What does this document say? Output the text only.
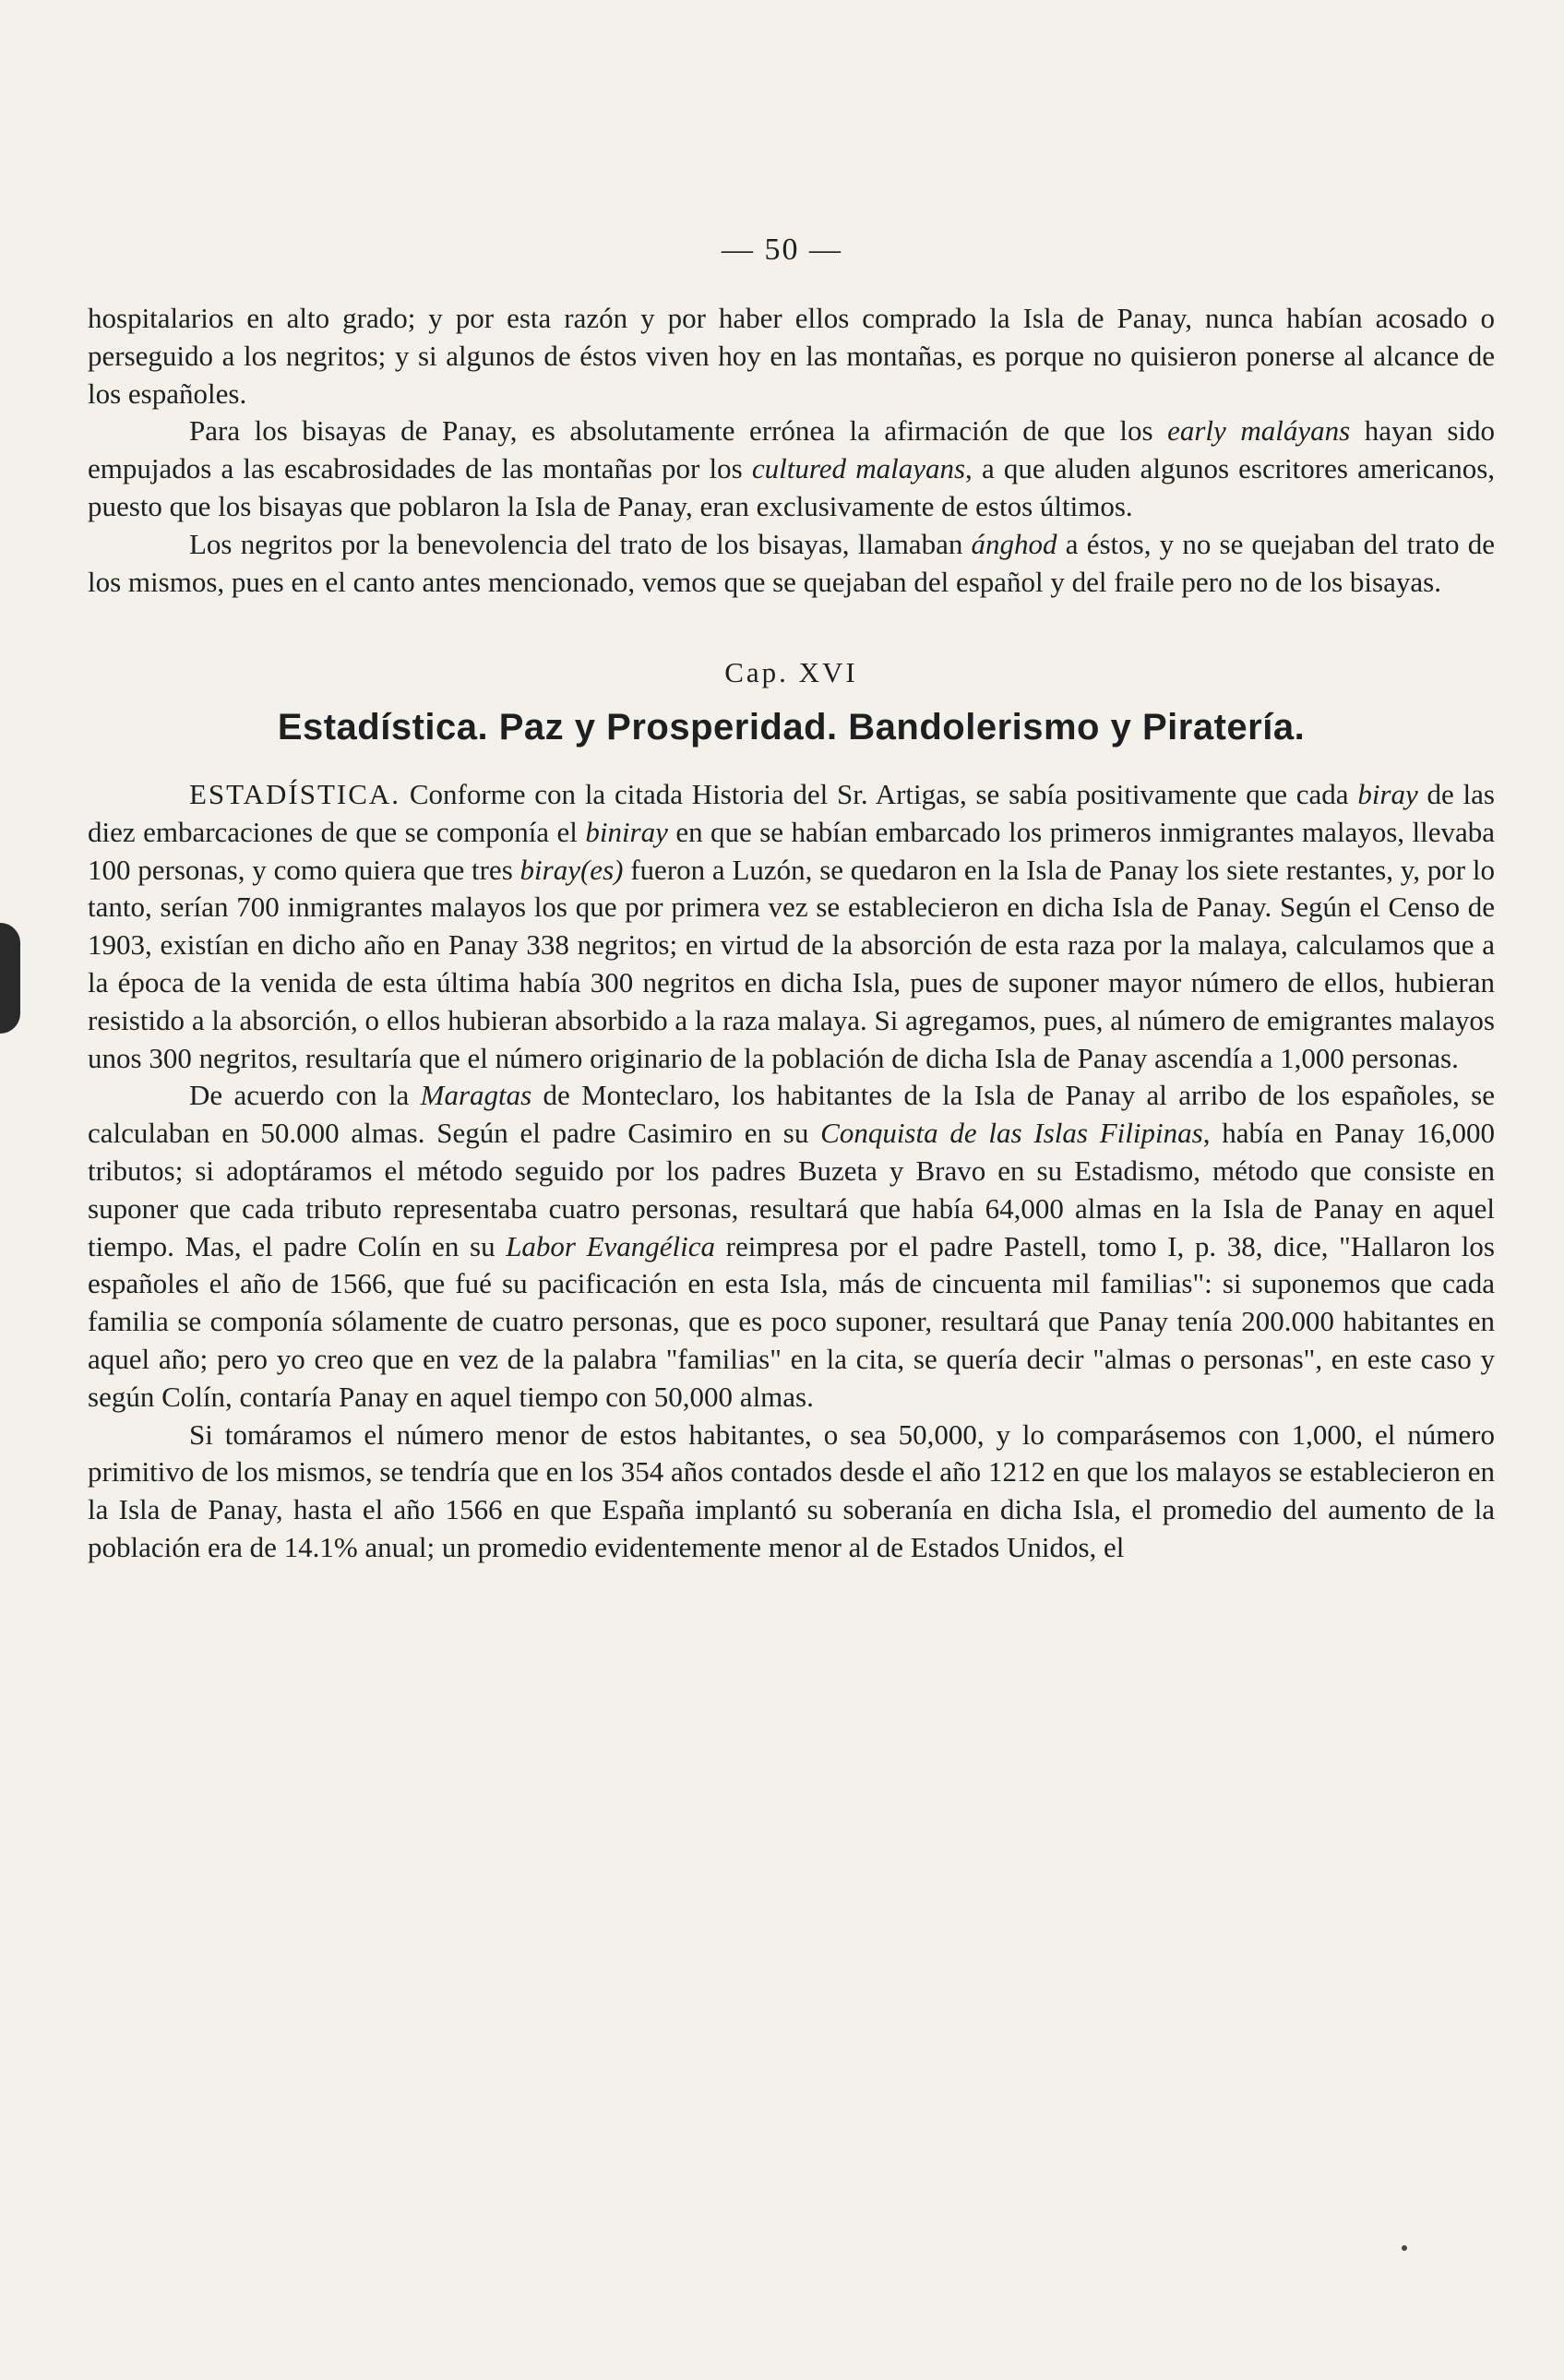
— 50 —

hospitalarios en alto grado; y por esta razón y por haber ellos comprado la Isla de Panay, nunca habían acosado o perseguido a los negritos; y si algunos de éstos viven hoy en las montañas, es porque no quisieron ponerse al alcance de los españoles.

Para los bisayas de Panay, es absolutamente errónea la afirmación de que los early maláyans hayan sido empujados a las escabrosidades de las montañas por los cultured malayans, a que aluden algunos escritores americanos, puesto que los bisayas que poblaron la Isla de Panay, eran exclusivamente de estos últimos.

Los negritos por la benevolencia del trato de los bisayas, llamaban ánghod a éstos, y no se quejaban del trato de los mismos, pues en el canto antes mencionado, vemos que se quejaban del español y del fraile pero no de los bisayas.

Cap. XVI
Estadística. Paz y Prosperidad. Bandolerismo y Piratería.

ESTADÍSTICA. Conforme con la citada Historia del Sr. Artigas, se sabía positivamente que cada biray de las diez embarcaciones de que se componía el biniray en que se habían embarcado los primeros inmigrantes malayos, llevaba 100 personas, y como quiera que tres biray(es) fueron a Luzón, se quedaron en la Isla de Panay los siete restantes, y, por lo tanto, serían 700 inmigrantes malayos los que por primera vez se establecieron en dicha Isla de Panay. Según el Censo de 1903, existían en dicho año en Panay 338 negritos; en virtud de la absorción de esta raza por la malaya, calculamos que a la época de la venida de esta última había 300 negritos en dicha Isla, pues de suponer mayor número de ellos, hubieran resistido a la absorción, o ellos hubieran absorbido a la raza malaya. Si agregamos, pues, al número de emigrantes malayos unos 300 negritos, resultaría que el número originario de la población de dicha Isla de Panay ascendía a 1,000 personas.

De acuerdo con la Maragtas de Monteclaro, los habitantes de la Isla de Panay al arribo de los españoles, se calculaban en 50.000 almas. Según el padre Casimiro en su Conquista de las Islas Filipinas, había en Panay 16,000 tributos; si adoptáramos el método seguido por los padres Buzeta y Bravo en su Estadismo, método que consiste en suponer que cada tributo representaba cuatro personas, resultará que había 64,000 almas en la Isla de Panay en aquel tiempo. Mas, el padre Colín en su Labor Evangélica reimpresa por el padre Pastell, tomo I, p. 38, dice, "Hallaron los españoles el año de 1566, que fué su pacificación en esta Isla, más de cincuenta mil familias": si suponemos que cada familia se componía sólamente de cuatro personas, que es poco suponer, resultará que Panay tenía 200.000 habitantes en aquel año; pero yo creo que en vez de la palabra "familias" en la cita, se quería decir "almas o personas", en este caso y según Colín, contaría Panay en aquel tiempo con 50,000 almas.

Si tomáramos el número menor de estos habitantes, o sea 50,000, y lo comparásemos con 1,000, el número primitivo de los mismos, se tendría que en los 354 años contados desde el año 1212 en que los malayos se establecieron en la Isla de Panay, hasta el año 1566 en que España implantó su soberanía en dicha Isla, el promedio del aumento de la población era de 14.1% anual; un promedio evidentemente menor al de Estados Unidos, el
